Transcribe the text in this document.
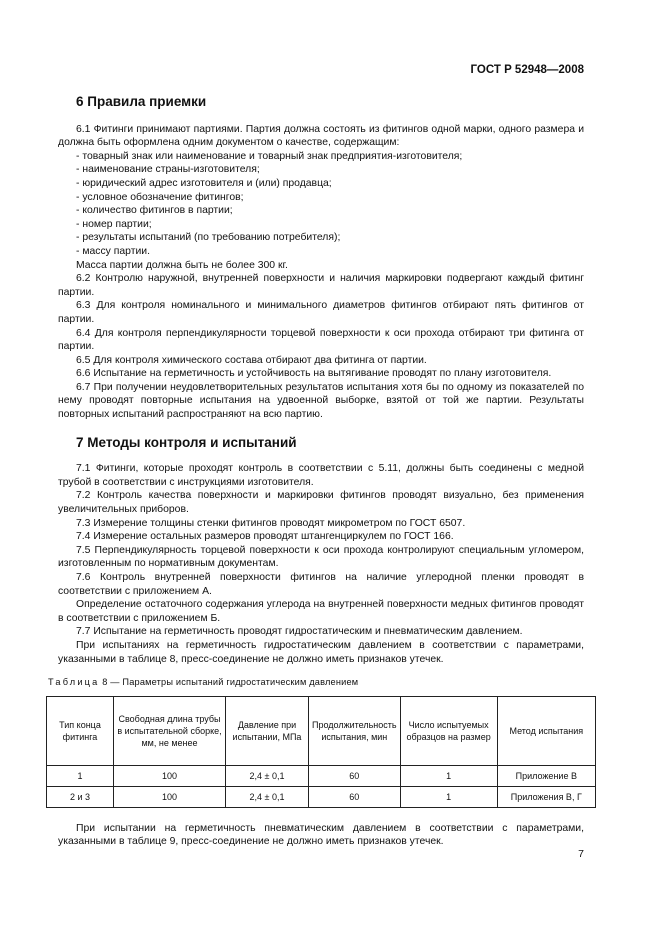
ГОСТ Р 52948—2008
6 Правила приемки

6.1 Фитинги принимают партиями. Партия должна состоять из фитингов одной марки, одного размера и должна быть оформлена одним документом о качестве, содержащим:

- товарный знак или наименование и товарный знак предприятия-изготовителя;
- наименование страны-изготовителя;
- юридический адрес изготовителя и (или) продавца;
- условное обозначение фитингов;
- количество фитингов в партии;
- номер партии;
- результаты испытаний (по требованию потребителя);
- массу партии.

Масса партии должна быть не более 300 кг.

6.2 Контролю наружной, внутренней поверхности и наличия маркировки подвергают каждый фитинг партии.

6.3 Для контроля номинального и минимального диаметров фитингов отбирают пять фитингов от партии.

6.4 Для контроля перпендикулярности торцевой поверхности к оси прохода отбирают три фитинга от партии.

6.5 Для контроля химического состава отбирают два фитинга от партии.

6.6 Испытание на герметичность и устойчивость на вытягивание проводят по плану изготовителя.

6.7 При получении неудовлетворительных результатов испытания хотя бы по одному из показателей по нему проводят повторные испытания на удвоенной выборке, взятой от той же партии. Результаты повторных испытаний распространяют на всю партию.

7 Методы контроля и испытаний

7.1 Фитинги, которые проходят контроль в соответствии с 5.11, должны быть соединены с медной трубой в соответствии с инструкциями изготовителя.

7.2 Контроль качества поверхности и маркировки фитингов проводят визуально, без применения увеличительных приборов.

7.3 Измерение толщины стенки фитингов проводят микрометром по ГОСТ 6507.

7.4 Измерение остальных размеров проводят штангенциркулем по ГОСТ 166.

7.5 Перпендикулярность торцевой поверхности к оси прохода контролируют специальным угломером, изготовленным по нормативным документам.

7.6 Контроль внутренней поверхности фитингов на наличие углеродной пленки проводят в соответствии с приложением А.

Определение остаточного содержания углерода на внутренней поверхности медных фитингов проводят в соответствии с приложением Б.

7.7 Испытание на герметичность проводят гидростатическим и пневматическим давлением.

При испытаниях на герметичность гидростатическим давлением в соответствии с параметрами, указанными в таблице 8, пресс-соединение не должно иметь признаков утечек.

Таблица 8 — Параметры испытаний гидростатическим давлением
Тип конца фитинга	Свободная длина трубы в испытательной сборке, мм, не менее	Давление при испытании, МПа	Продолжительность испытания, мин	Число испытуемых образцов на размер	Метод испытания
1	100	2,4 ± 0,1	60	1	Приложение В
2 и 3	100	2,4 ± 0,1	60	1	Приложения В, Г

При испытании на герметичность пневматическим давлением в соответствии с параметрами, указанными в таблице 9, пресс-соединение не должно иметь признаков утечек.

7
